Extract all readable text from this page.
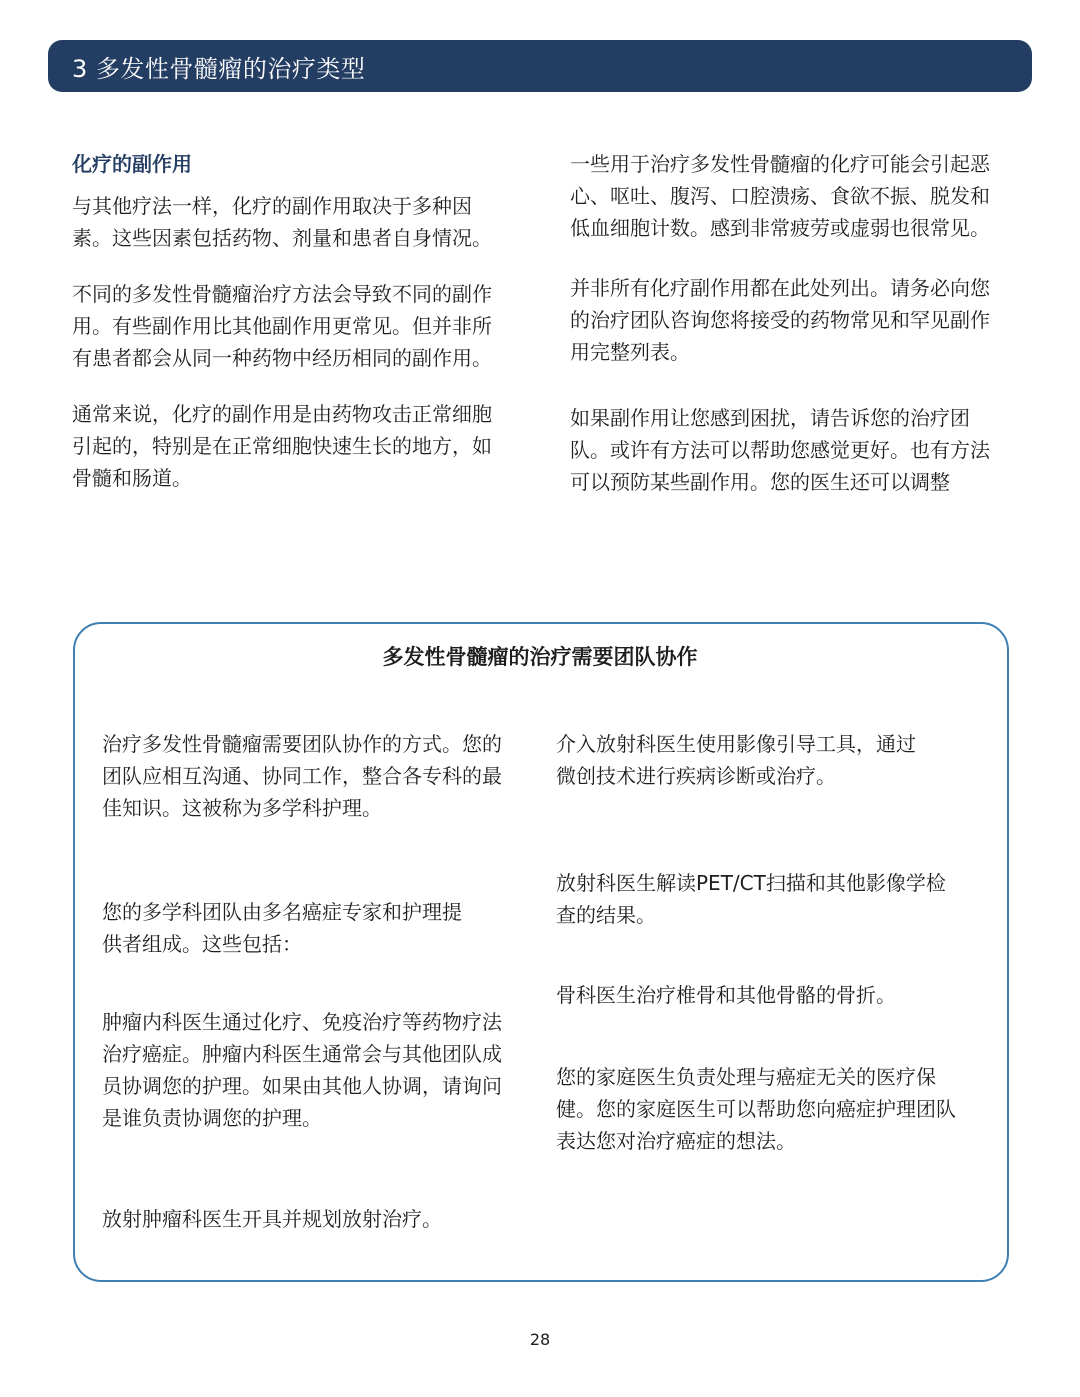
3 多发性骨髓瘤的治疗类型
化疗的副作用

与其他疗法一样，化疗的副作用取决于多种因素。这些因素包括药物、剂量和患者自身情况。

不同的多发性骨髓瘤治疗方法会导致不同的副作用。有些副作用比其他副作用更常见。但并非所有患者都会从同一种药物中经历相同的副作用。

通常来说，化疗的副作用是由药物攻击正常细胞引起的，特别是在正常细胞快速生长的地方，如骨髓和肠道。

一些用于治疗多发性骨髓瘤的化疗可能会引起恶心、呕吐、腹泻、口腔溃疡、食欲不振、脱发和低血细胞计数。感到非常疲劳或虚弱也很常见。

并非所有化疗副作用都在此处列出。请务必向您的治疗团队咨询您将接受的药物常见和罕见副作用完整列表。

如果副作用让您感到困扰，请告诉您的治疗团队。或许有方法可以帮助您感觉更好。也有方法可以预防某些副作用。您的医生还可以调整

多发性骨髓瘤的治疗需要团队协作

治疗多发性骨髓瘤需要团队协作的方式。您的团队应相互沟通、协同工作，整合各专科的最佳知识。这被称为多学科护理。

您的多学科团队由多名癌症专家和护理提供者组成。这些包括：

肿瘤内科医生通过化疗、免疫治疗等药物疗法治疗癌症。肿瘤内科医生通常会与其他团队成员协调您的护理。如果由其他人协调，请询问是谁负责协调您的护理。

放射肿瘤科医生开具并规划放射治疗。

介入放射科医生使用影像引导工具，通过微创技术进行疾病诊断或治疗。

放射科医生解读PET/CT扫描和其他影像学检查的结果。

骨科医生治疗椎骨和其他骨骼的骨折。

您的家庭医生负责处理与癌症无关的医疗保健。您的家庭医生可以帮助您向癌症护理团队表达您对治疗癌症的想法。

28
